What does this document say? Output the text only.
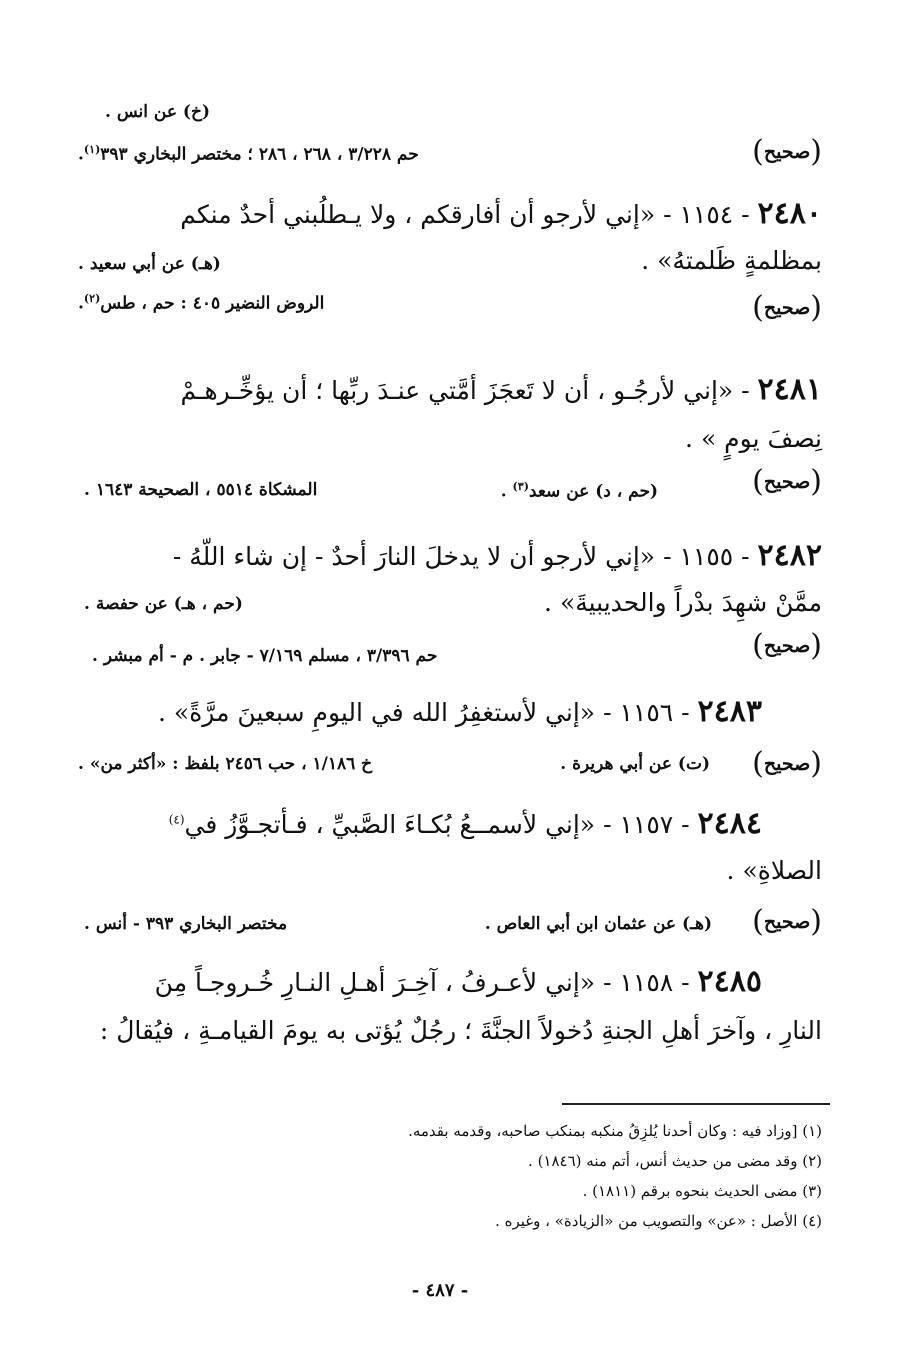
(خ) عن انس .
(صحيح)
حم ٣/٢٢٨ ، ٢٦٨ ، ٢٨٦ ؛ مختصر البخاري ٣٩٣$^{(١)}$.
٢٤٨٠ - ١١٥٤ - «إني لأرجو أن أفارقكم ، ولا يـطلُبني أحدٌ منكم
بمظلمةٍ ظَلمتهُ» .
(هـ) عن أبي سعيد .
(صحيح)
الروض النضير ٤٠٥ : حم ، طس$^{(٢)}$.
٢٤٨١ - «إني لأرجُـو ، أن لا تَعجَزَ أمَّتي عنـدَ ربِّها ؛ أن يؤخِّـرهـمْ
نِصفَ يومٍ » .
(صحيح)
(حم ، د) عن سعد$^{(٣)}$ .
المشكاة ٥٥١٤ ، الصحيحة ١٦٤٣ .
٢٤٨٢ - ١١٥٥ - «إني لأرجو أن لا يدخلَ النارَ أحدٌ - إن شاء اللّهُ -
ممَّنْ شهِدَ بدْراً والحديبيةَ» .
(حم ، هـ) عن حفصة .
(صحيح)
حم ٣/٣٩٦ ، مسلم ٧/١٦٩ - جابر . م - أم مبشر .
٢٤٨٣ - ١١٥٦ - «إني لأستغفِرُ الله في اليومِ سبعينَ مرَّةً» .
(صحيح)
(ت) عن أبي هريرة .
خ ١/١٨٦ ، حب ٢٤٥٦ بلفظ : «أكثر من» .
٢٤٨٤ - ١١٥٧ - «إني لأسمــعُ بُكـاءَ الصَّبيِّ ، فـأتجـوَّزُ في$^{(٤)}$
الصلاةِ» .
(صحيح)
(هـ) عن عثمان ابن أبي العاص .
مختصر البخاري ٣٩٣ - أنس .
٢٤٨٥ - ١١٥٨ - «إني لأعـرفُ ، آخِـرَ أهـلِ النـارِ خُـروجـاً مِنَ
النارِ ، وآخرَ أهلِ الجنةِ دُخولاً الجنَّةَ ؛ رجُلٌ يُؤتى به يومَ القيامـةِ ، فيُقالُ :
(١) [وزاد فيه : وكان أحدنا يُلزِقُ منكبه بمنكب صاحبه، وقدمه بقدمه.
(٢) وقد مضى من حديث أنس، أتم منه (١٨٤٦) .
(٣) مضى الحديث بنحوه برقم (١٨١١) .
(٤) الأصل : «عن» والتصويب من «الزيادة» ، وغيره .
- ٤٨٧ -
